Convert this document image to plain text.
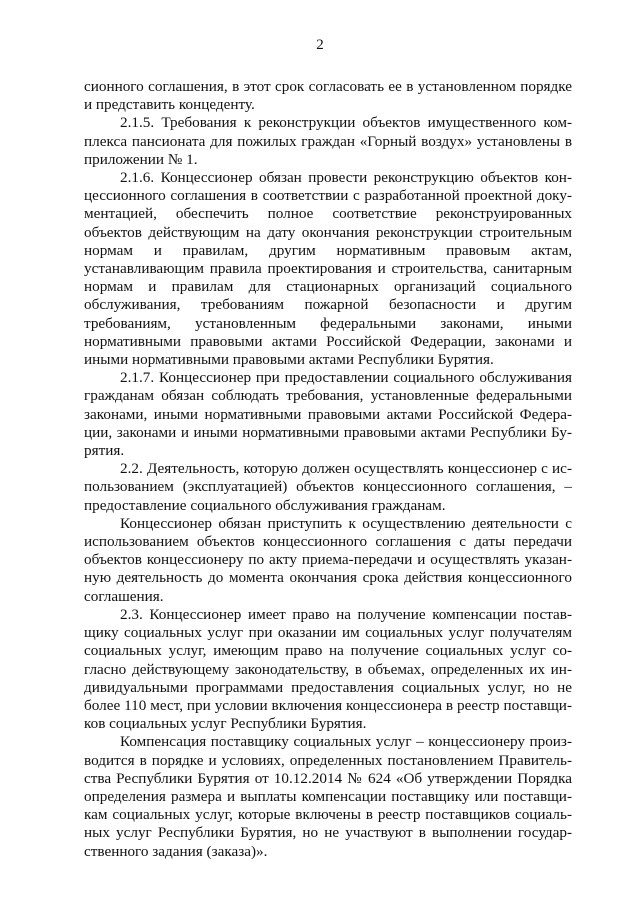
2

сионного соглашения, в этот срок согласовать ее в установленном порядке и представить концеденту.

2.1.5. Требования к реконструкции объектов имущественного комплекса пансионата для пожилых граждан «Горный воздух» установлены в приложении № 1.

2.1.6. Концессионер обязан провести реконструкцию объектов концессионного соглашения в соответствии с разработанной проектной документацией, обеспечить полное соответствие реконструированных объектов действующим на дату окончания реконструкции строительным нормам и правилам, другим нормативным правовым актам, устанавливающим правила проектирования и строительства, санитарным нормам и правилам для стационарных организаций социального обслуживания, требованиям пожарной безопасности и другим требованиям, установленным федеральными законами, иными нормативными правовыми актами Российской Федерации, законами и иными нормативными правовыми актами Республики Бурятия.

2.1.7. Концессионер при предоставлении социального обслуживания гражданам обязан соблюдать требования, установленные федеральными законами, иными нормативными правовыми актами Российской Федерации, законами и иными нормативными правовыми актами Республики Бурятия.

2.2. Деятельность, которую должен осуществлять концессионер с использованием (эксплуатацией) объектов концессионного соглашения, – предоставление социального обслуживания гражданам.

Концессионер обязан приступить к осуществлению деятельности с использованием объектов концессионного соглашения с даты передачи объектов концессионеру по акту приема-передачи и осуществлять указанную деятельность до момента окончания срока действия концессионного соглашения.

2.3. Концессионер имеет право на получение компенсации поставщику социальных услуг при оказании им социальных услуг получателям социальных услуг, имеющим право на получение социальных услуг согласно действующему законодательству, в объемах, определенных их индивидуальными программами предоставления социальных услуг, но не более 110 мест, при условии включения концессионера в реестр поставщиков социальных услуг Республики Бурятия.

Компенсация поставщику социальных услуг – концессионеру производится в порядке и условиях, определенных постановлением Правительства Республики Бурятия от 10.12.2014 № 624 «Об утверждении Порядка определения размера и выплаты компенсации поставщику или поставщикам социальных услуг, которые включены в реестр поставщиков социальных услуг Республики Бурятия, но не участвуют в выполнении государственного задания (заказа)».
